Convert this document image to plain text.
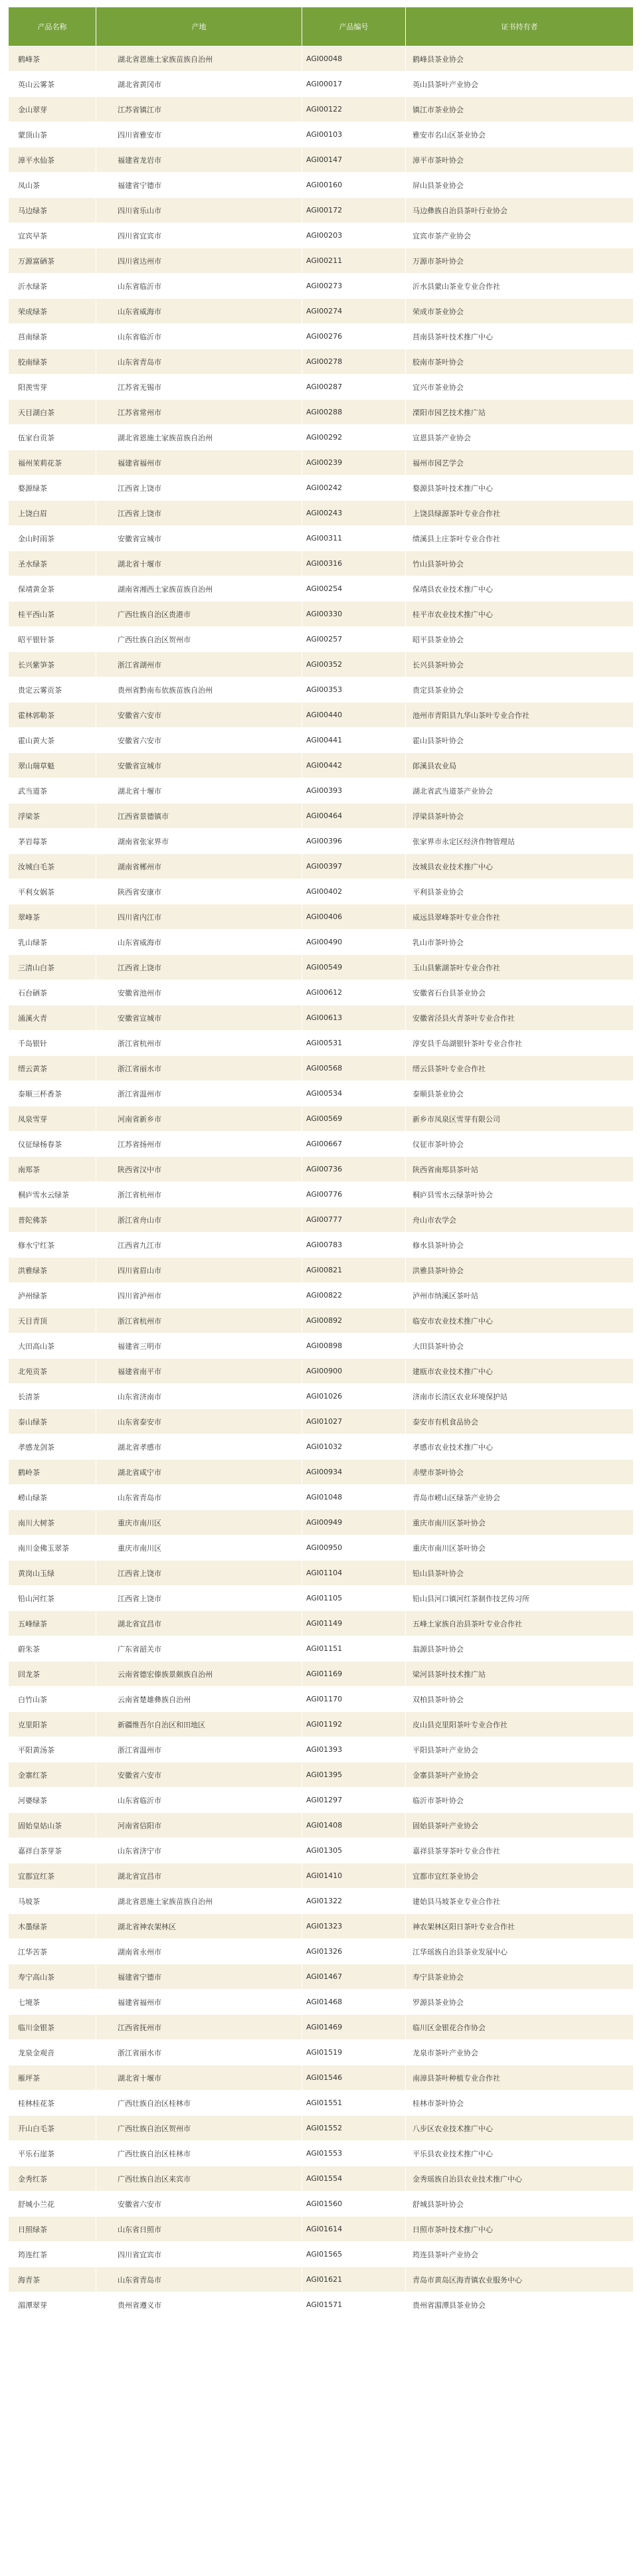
产品名称	产地	产品编号	证书持有者
鹤峰茶	湖北省恩施土家族苗族自治州	AGI00048	鹤峰县茶业协会
英山云雾茶	湖北省黄冈市	AGI00017	英山县茶叶产业协会
金山翠芽	江苏省镇江市	AGI00122	镇江市茶业协会
蒙顶山茶	四川省雅安市	AGI00103	雅安市名山区茶业协会
漳平水仙茶	福建省龙岩市	AGI00147	漳平市茶叶协会
凤山茶	福建省宁德市	AGI00160	屏山县茶业协会
马边绿茶	四川省乐山市	AGI00172	马边彝族自治县茶叶行业协会
宜宾早茶	四川省宜宾市	AGI00203	宜宾市茶产业协会
万源富硒茶	四川省达州市	AGI00211	万源市茶叶协会
沂水绿茶	山东省临沂市	AGI00273	沂水县蒙山茶业专业合作社
荣成绿茶	山东省威海市	AGI00274	荣成市茶业协会
莒南绿茶	山东省临沂市	AGI00276	莒南县茶叶技术推广中心
胶南绿茶	山东省青岛市	AGI00278	胶南市茶叶协会
阳羡雪芽	江苏省无锡市	AGI00287	宜兴市茶业协会
天目湖白茶	江苏省常州市	AGI00288	溧阳市园艺技术推广站
伍家台贡茶	湖北省恩施土家族苗族自治州	AGI00292	宣恩县茶产业协会
福州茉莉花茶	福建省福州市	AGI00239	福州市园艺学会
婺源绿茶	江西省上饶市	AGI00242	婺源县茶叶技术推广中心
上饶白眉	江西省上饶市	AGI00243	上饶县绿源茶叶专业合作社
金山时雨茶	安徽省宣城市	AGI00311	绩溪县上庄茶叶专业合作社
圣水绿茶	湖北省十堰市	AGI00316	竹山县茶叶协会
保靖黄金茶	湖南省湘西土家族苗族自治州	AGI00254	保靖县农业技术推广中心
桂平西山茶	广西壮族自治区贵港市	AGI00330	桂平市农业技术推广中心
昭平银针茶	广西壮族自治区贺州市	AGI00257	昭平县茶业协会
长兴紫笋茶	浙江省湖州市	AGI00352	长兴县茶叶协会
贵定云雾贡茶	贵州省黔南布依族苗族自治州	AGI00353	贵定县茶业协会
霍林郭勒茶	安徽省六安市	AGI00440	池州市青阳县九华山茶叶专业合作社
霍山黄大茶	安徽省六安市	AGI00441	霍山县茶叶协会
翠山瑞草魁	安徽省宣城市	AGI00442	郎溪县农业局
武当道茶	湖北省十堰市	AGI00393	湖北省武当道茶产业协会
浮梁茶	江西省景德镇市	AGI00464	浮梁县茶叶协会
茅岩莓茶	湖南省张家界市	AGI00396	张家界市永定区经济作物管理站
汝城白毛茶	湖南省郴州市	AGI00397	汝城县农业技术推广中心
平利女娲茶	陕西省安康市	AGI00402	平利县茶业协会
翠峰茶	四川省内江市	AGI00406	威远县翠峰茶叶专业合作社
乳山绿茶	山东省威海市	AGI00490	乳山市茶叶协会
三清山白茶	江西省上饶市	AGI00549	玉山县紫湖茶叶专业合作社
石台硒茶	安徽省池州市	AGI00612	安徽省石台县茶业协会
涌溪火青	安徽省宣城市	AGI00613	安徽省泾县火青茶叶专业合作社
千岛银针	浙江省杭州市	AGI00531	淳安县千岛湖银针茶叶专业合作社
缙云黄茶	浙江省丽水市	AGI00568	缙云县茶叶专业合作社
泰顺三杯香茶	浙江省温州市	AGI00534	泰顺县茶业协会
凤泉雪芽	河南省新乡市	AGI00569	新乡市凤泉区雪芽有限公司
仪征绿杨春茶	江苏省扬州市	AGI00667	仪征市茶叶协会
南郑茶	陕西省汉中市	AGI00736	陕西省南郑县茶叶站
桐庐雪水云绿茶	浙江省杭州市	AGI00776	桐庐县雪水云绿茶叶协会
普陀佛茶	浙江省舟山市	AGI00777	舟山市农学会
修水宁红茶	江西省九江市	AGI00783	修水县茶叶协会
洪雅绿茶	四川省眉山市	AGI00821	洪雅县茶叶协会
泸州绿茶	四川省泸州市	AGI00822	泸州市纳溪区茶叶站
天目青顶	浙江省杭州市	AGI00892	临安市农业技术推广中心
大田高山茶	福建省三明市	AGI00898	大田县茶叶协会
北苑贡茶	福建省南平市	AGI00900	建瓯市农业技术推广中心
长清茶	山东省济南市	AGI01026	济南市长清区农业环境保护站
泰山绿茶	山东省泰安市	AGI01027	泰安市有机食品协会
孝感龙剑茶	湖北省孝感市	AGI01032	孝感市农业技术推广中心
鹤岭茶	湖北省咸宁市	AGI00934	赤壁市茶叶协会
崂山绿茶	山东省青岛市	AGI01048	青岛市崂山区绿茶产业协会
南川大树茶	重庆市南川区	AGI00949	重庆市南川区茶叶协会
南川金佛玉翠茶	重庆市南川区	AGI00950	重庆市南川区茶叶协会
黄岗山玉绿	江西省上饶市	AGI01104	铅山县茶叶协会
铅山河红茶	江西省上饶市	AGI01105	铅山县河口镇河红茶制作技艺传习所
五峰绿茶	湖北省宜昌市	AGI01149	五峰土家族自治县茶叶专业合作社
蔚朱茶	广东省韶关市	AGI01151	翁源县茶叶协会
回龙茶	云南省德宏傣族景颇族自治州	AGI01169	梁河县茶叶技术推广站
白竹山茶	云南省楚雄彝族自治州	AGI01170	双柏县茶叶协会
克里阳茶	新疆维吾尔自治区和田地区	AGI01192	皮山县克里阳茶叶专业合作社
平阳黄汤茶	浙江省温州市	AGI01393	平阳县茶叶产业协会
金寨红茶	安徽省六安市	AGI01395	金寨县茶叶产业协会
河婆绿茶	山东省临沂市	AGI01297	临沂市茶叶协会
固始皇姑山茶	河南省信阳市	AGI01408	固始县茶叶产业协会
嘉祥白茶芽茶	山东省济宁市	AGI01305	嘉祥县茶芽茶叶专业合作社
宜都宜红茶	湖北省宜昌市	AGI01410	宜都市宜红茶业协会
马坡茶	湖北省恩施土家族苗族自治州	AGI01322	建始县马坡茶业专业合作社
木墨绿茶	湖北省神农架林区	AGI01323	神农架林区阳日茶叶专业合作社
江华苦茶	湖南省永州市	AGI01326	江华瑶族自治县茶业发展中心
寿宁高山茶	福建省宁德市	AGI01467	寿宁县茶业协会
七境茶	福建省福州市	AGI01468	罗源县茶业协会
临川金银茶	江西省抚州市	AGI01469	临川区金银花合作协会
龙泉金观音	浙江省丽水市	AGI01519	龙泉市茶叶产业协会
雁坪茶	湖北省十堰市	AGI01546	南漳县茶叶种植专业合作社
桂林桂花茶	广西壮族自治区桂林市	AGI01551	桂林市茶叶协会
开山白毛茶	广西壮族自治区贺州市	AGI01552	八步区农业技术推广中心
平乐石崖茶	广西壮族自治区桂林市	AGI01553	平乐县农业技术推广中心
金秀红茶	广西壮族自治区来宾市	AGI01554	金秀瑶族自治县农业技术推广中心
舒城小兰花	安徽省六安市	AGI01560	舒城县茶叶协会
日照绿茶	山东省日照市	AGI01614	日照市茶叶技术推广中心
筠连红茶	四川省宜宾市	AGI01565	筠连县茶叶产业协会
海青茶	山东省青岛市	AGI01621	青岛市黄岛区海青镇农业服务中心
湄潭翠芽	贵州省遵义市	AGI01571	贵州省湄潭县茶业协会
